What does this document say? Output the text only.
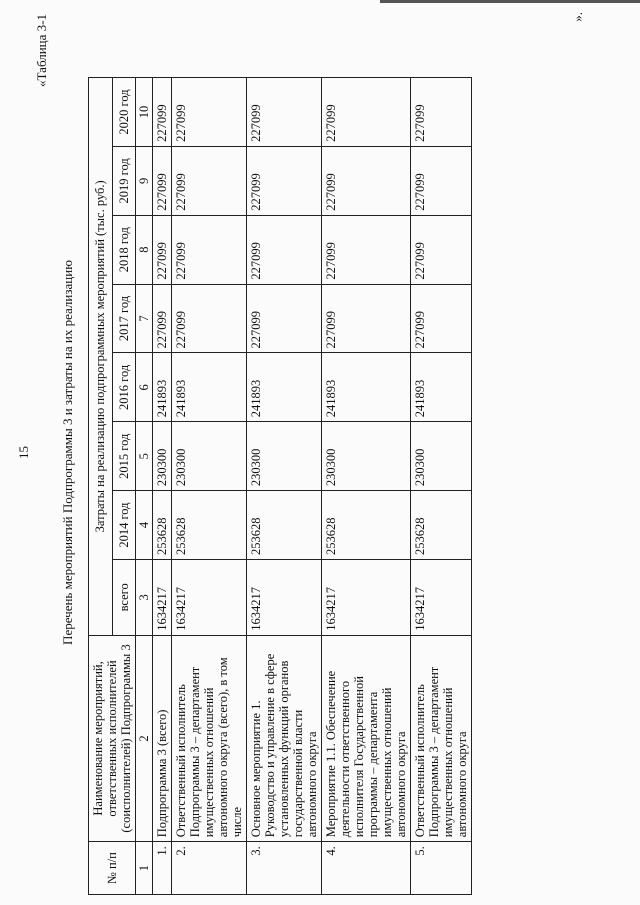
15
«Таблица 3-1
Перечень мероприятий Подпрограммы 3 и затраты на их реализацию
№ п/п	Наименование мероприятий, ответственных исполнителей (соисполнителей) Подпрограммы 3	Затраты на реализацию подпрограммных мероприятий (тыс. руб.)							
		всего	2014 год	2015 год	2016 год	2017 год	2018 год	2019 год	2020 год
1	2	3	4	5	6	7	8	9	10
1.	Подпрограмма 3 (всего)	1634217	253628	230300	241893	227099	227099	227099	227099
2.	Ответственный исполнитель Подпрограммы 3 – департамент имущественных отношений автономного округа (всего), в том числе	1634217	253628	230300	241893	227099	227099	227099	227099
3.	Основное мероприятие 1. Руководство и управление в сфере установленных функций органов государственной власти автономного округа	1634217	253628	230300	241893	227099	227099	227099	227099
4.	Мероприятие 1.1. Обеспечение деятельности ответственного исполнителя Государственной программы – департамента имущественных отношений автономного округа	1634217	253628	230300	241893	227099	227099	227099	227099
5.	Ответственный исполнитель Подпрограммы 3 – департамент имущественных отношений автономного округа	1634217	253628	230300	241893	227099	227099	227099	227099
».
